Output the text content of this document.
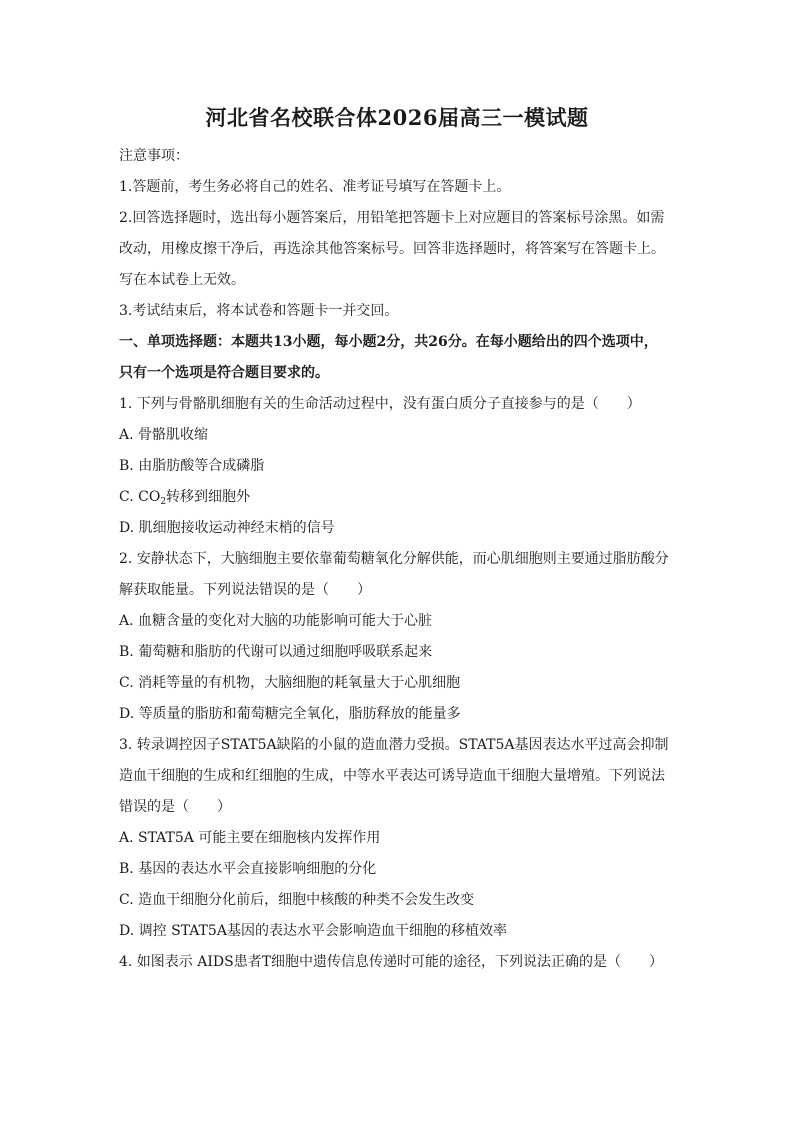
河北省名校联合体2026届高三一模试题
注意事项：
1.答题前，考生务必将自己的姓名、准考证号填写在答题卡上。
2.回答选择题时，选出每小题答案后，用铅笔把答题卡上对应题目的答案标号涂黑。如需
改动，用橡皮擦干净后，再选涂其他答案标号。回答非选择题时，将答案写在答题卡上。
写在本试卷上无效。
3.考试结束后，将本试卷和答题卡一并交回。
一、单项选择题：本题共13小题，每小题2分，共26分。在每小题给出的四个选项中，
只有一个选项是符合题目要求的。
1. 下列与骨骼肌细胞有关的生命活动过程中，没有蛋白质分子直接参与的是（　　）
A. 骨骼肌收缩
B. 由脂肪酸等合成磷脂
C. $CO_2$转移到细胞外
D. 肌细胞接收运动神经末梢的信号
2. 安静状态下，大脑细胞主要依靠葡萄糖氧化分解供能，而心肌细胞则主要通过脂肪酸分
解获取能量。下列说法错误的是（　　）
A. 血糖含量的变化对大脑的功能影响可能大于心脏
B. 葡萄糖和脂肪的代谢可以通过细胞呼吸联系起来
C. 消耗等量的有机物，大脑细胞的耗氧量大于心肌细胞
D. 等质量的脂肪和葡萄糖完全氧化，脂肪释放的能量多
3. 转录调控因子STAT5A缺陷的小鼠的造血潜力受损。STAT5A基因表达水平过高会抑制
造血干细胞的生成和红细胞的生成，中等水平表达可诱导造血干细胞大量增殖。下列说法
错误的是（　　）
A. STAT5A 可能主要在细胞核内发挥作用
B. 基因的表达水平会直接影响细胞的分化
C. 造血干细胞分化前后，细胞中核酸的种类不会发生改变
D. 调控 STAT5A基因的表达水平会影响造血干细胞的移植效率
4. 如图表示 AIDS患者T细胞中遗传信息传递时可能的途径，下列说法正确的是（　　）
